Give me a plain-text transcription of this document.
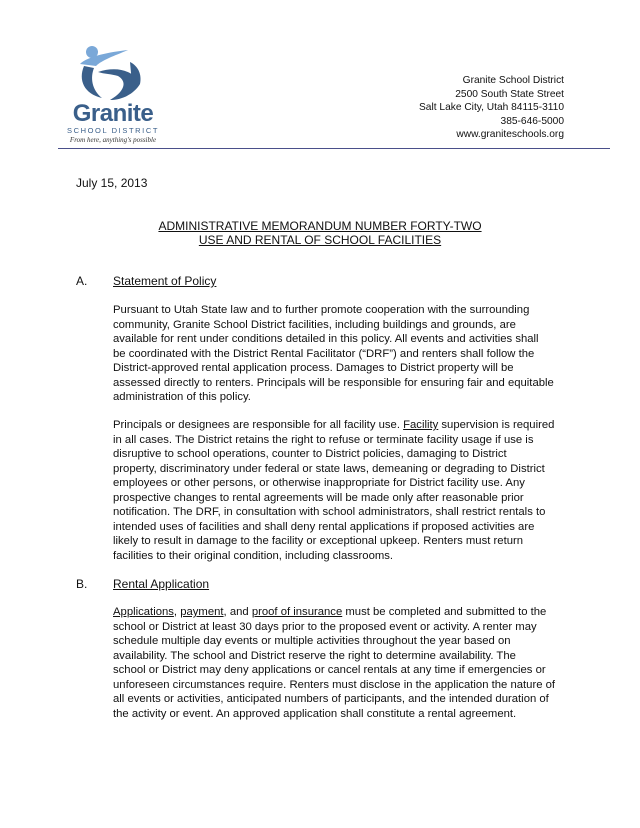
Granite
SCHOOL DISTRICT
From here, anything's possible
Granite School District
2500 South State Street
Salt Lake City, Utah 84115-3110
385-646-5000
www.graniteschools.org
July 15, 2013
ADMINISTRATIVE MEMORANDUM NUMBER FORTY-TWO
USE AND RENTAL OF SCHOOL FACILITIES
A. Statement of Policy
Pursuant to Utah State law and to further promote cooperation with the surrounding
community, Granite School District facilities, including buildings and grounds, are
available for rent under conditions detailed in this policy. All events and activities shall
be coordinated with the District Rental Facilitator (“DRF”) and renters shall follow the
District-approved rental application process. Damages to District property will be
assessed directly to renters. Principals will be responsible for ensuring fair and equitable
administration of this policy.
Principals or designees are responsible for all facility use. Facility supervision is required
in all cases. The District retains the right to refuse or terminate facility usage if use is
disruptive to school operations, counter to District policies, damaging to District
property, discriminatory under federal or state laws, demeaning or degrading to District
employees or other persons, or otherwise inappropriate for District facility use. Any
prospective changes to rental agreements will be made only after reasonable prior
notification. The DRF, in consultation with school administrators, shall restrict rentals to
intended uses of facilities and shall deny rental applications if proposed activities are
likely to result in damage to the facility or exceptional upkeep. Renters must return
facilities to their original condition, including classrooms.
B. Rental Application
Applications, payment, and proof of insurance must be completed and submitted to the
school or District at least 30 days prior to the proposed event or activity. A renter may
schedule multiple day events or multiple activities throughout the year based on
availability. The school and District reserve the right to determine availability. The
school or District may deny applications or cancel rentals at any time if emergencies or
unforeseen circumstances require. Renters must disclose in the application the nature of
all events or activities, anticipated numbers of participants, and the intended duration of
the activity or event. An approved application shall constitute a rental agreement.
